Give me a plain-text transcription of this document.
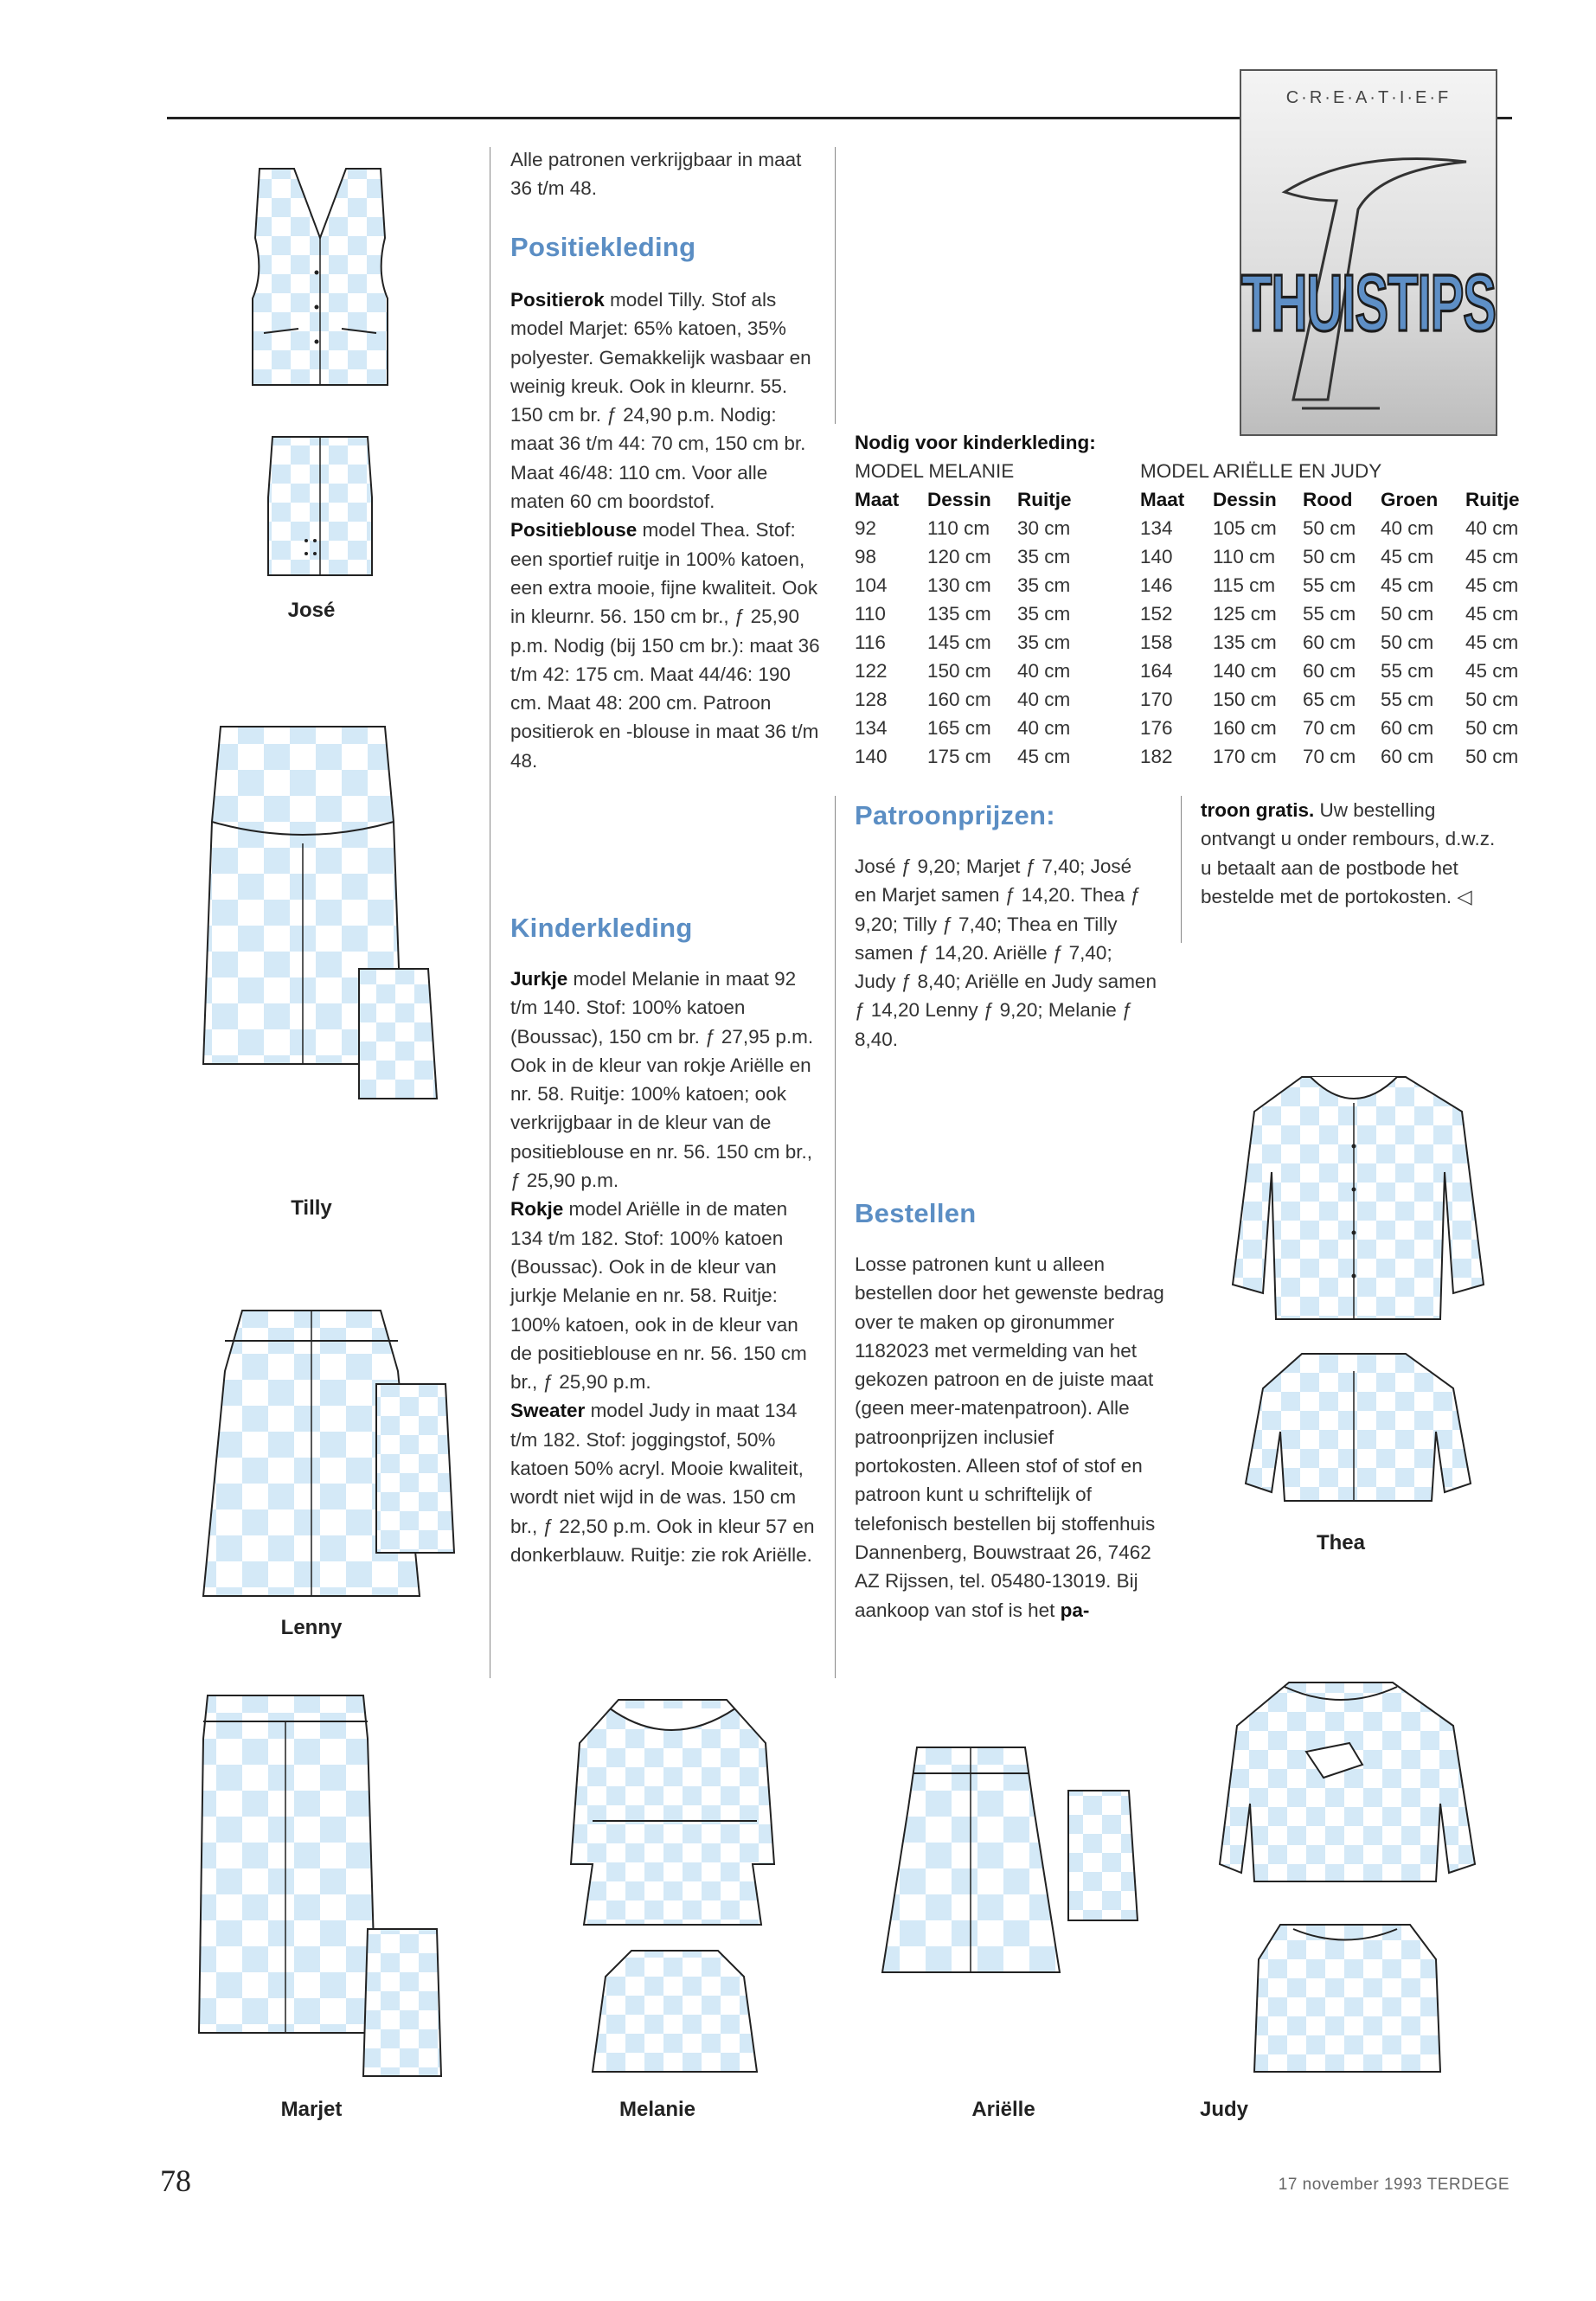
C·R·E·A·T·I·E·F
THUISTIPS

Alle patronen verkrijgbaar in maat 36 t/m 48.

Positiekleding

Positierok model Tilly. Stof als model Marjet: 65% katoen, 35% polyester. Gemakkelijk wasbaar en weinig kreuk. Ook in kleurnr. 55. 150 cm br. ƒ 24,90 p.m. Nodig: maat 36 t/m 44: 70 cm, 150 cm br. Maat 46/48: 110 cm. Voor alle maten 60 cm boordstof.

Positieblouse model Thea. Stof: een sportief ruitje in 100% katoen, een extra mooie, fijne kwaliteit. Ook in kleurnr. 56. 150 cm br., ƒ 25,90 p.m. Nodig (bij 150 cm br.): maat 36 t/m 42: 175 cm. Maat 44/46: 190 cm. Maat 48: 200 cm. Patroon positierok en -blouse in maat 36 t/m 48.

Kinderkleding

Jurkje model Melanie in maat 92 t/m 140. Stof: 100% katoen (Boussac), 150 cm br. ƒ 27,95 p.m. Ook in de kleur van rokje Ariëlle en nr. 58. Ruitje: 100% katoen; ook verkrijgbaar in de kleur van de positieblouse en nr. 56. 150 cm br., ƒ 25,90 p.m.

Rokje model Ariëlle in de maten 134 t/m 182. Stof: 100% katoen (Boussac). Ook in de kleur van jurkje Melanie en nr. 58. Ruitje: 100% katoen, ook in de kleur van de positieblouse en nr. 56. 150 cm br., ƒ 25,90 p.m.

Sweater model Judy in maat 134 t/m 182. Stof: joggingstof, 50% katoen 50% acryl. Mooie kwaliteit, wordt niet wijd in de was. 150 cm br., ƒ 22,50 p.m. Ook in kleur 57 en donkerblauw. Ruitje: zie rok Ariëlle.

Nodig voor kinderkleding:
MODEL MELANIE	MODEL ARIËLLE EN JUDY
Maat	Dessin	Ruitje
92	110 cm	30 cm
98	120 cm	35 cm
104	130 cm	35 cm
110	135 cm	35 cm
116	145 cm	35 cm
122	150 cm	40 cm
128	160 cm	40 cm
134	165 cm	40 cm
140	175 cm	45 cm
Maat	Dessin	Rood	Groen	Ruitje
134	105 cm	50 cm	40 cm	40 cm
140	110 cm	50 cm	45 cm	45 cm
146	115 cm	55 cm	45 cm	45 cm
152	125 cm	55 cm	50 cm	45 cm
158	135 cm	60 cm	50 cm	45 cm
164	140 cm	60 cm	55 cm	45 cm
170	150 cm	65 cm	55 cm	50 cm
176	160 cm	70 cm	60 cm	50 cm
182	170 cm	70 cm	60 cm	50 cm
Patroonprijzen:

José ƒ 9,20; Marjet ƒ 7,40; José en Marjet samen ƒ 14,20. Thea ƒ 9,20; Tilly ƒ 7,40; Thea en Tilly samen ƒ 14,20. Ariëlle ƒ 7,40; Judy ƒ 8,40; Ariëlle en Judy samen ƒ 14,20 Lenny ƒ 9,20; Melanie ƒ 8,40.

Bestellen

Losse patronen kunt u alleen bestellen door het gewenste bedrag over te maken op gironummer 1182023 met vermelding van het gekozen patroon en de juiste maat (geen meer-matenpatroon). Alle patroonprijzen inclusief portokosten. Alleen stof of stof en patroon kunt u schriftelijk of telefonisch bestellen bij stoffenhuis Dannenberg, Bouwstraat 26, 7462 AZ Rijssen, tel. 05480-13019. Bij aankoop van stof is het pa-

troon gratis. Uw bestelling ontvangt u onder rembours, d.w.z. u betaalt aan de postbode het bestelde met de portokosten. ◁

José
Tilly
Lenny
Marjet	Melanie	Ariëlle	Judy
Thea
78	17 november 1993 TERDEGE
